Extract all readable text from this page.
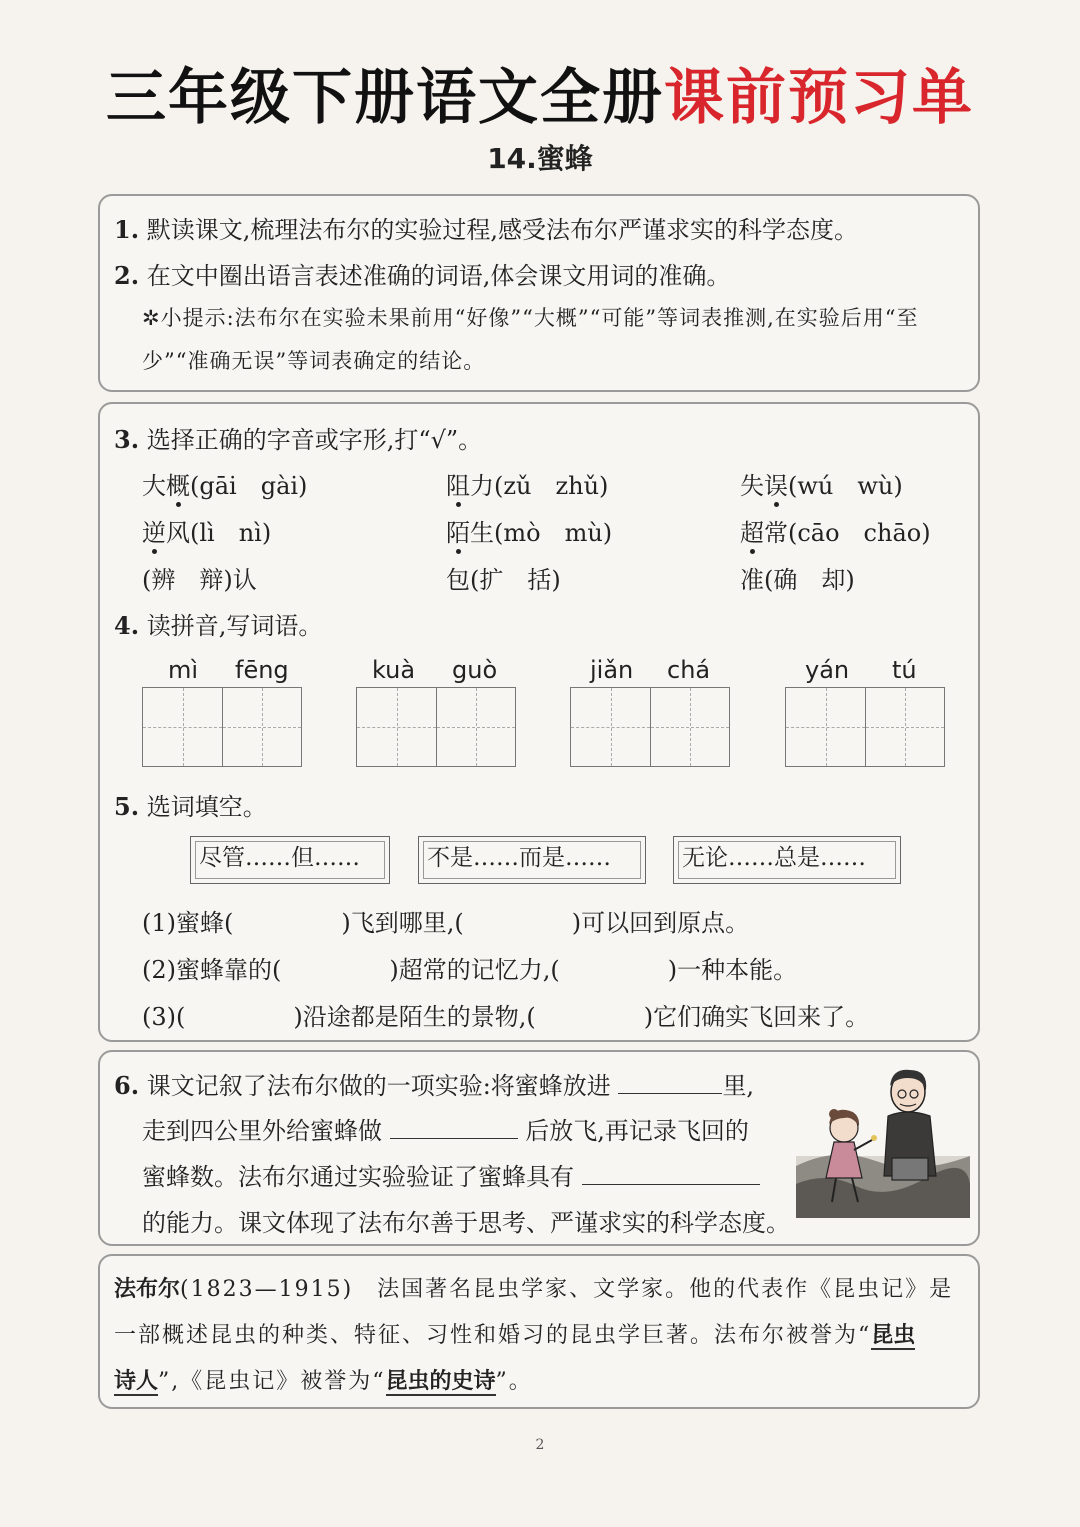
三年级下册语文全册课前预习单
14.蜜蜂
1. 默读课文,梳理法布尔的实验过程,感受法布尔严谨求实的科学态度。
2. 在文中圈出语言表述准确的词语,体会课文用词的准确。
✲小提示:法布尔在实验未果前用“好像”“大概”“可能”等词表推测,在实验后用“至
少”“准确无误”等词表确定的结论。
3. 选择正确的字音或字形,打“√”。
大概(gāi　gài)	阻力(zǔ　zhǔ)	失误(wú　wù)
逆风(lì　nì)	陌生(mò　mù)	超常(cāo　chāo)
(辨　辩)认	包(扩　括)	准(确　却)
4. 读拼音,写词语。
mì fēng	kuà guò	jiǎn chá	yán tú
5. 选词填空。
尽管……但……	不是……而是……	无论……总是……
(1)蜜蜂(	)飞到哪里,(	)可以回到原点。
(2)蜜蜂靠的(	)超常的记忆力,(	)一种本能。
(3)(	)沿途都是陌生的景物,(	)它们确实飞回来了。
6. 课文记叙了法布尔做的一项实验:将蜜蜂放进	里,
走到四公里外给蜜蜂做	后放飞,再记录飞回的
蜜蜂数。法布尔通过实验验证了蜜蜂具有
的能力。课文体现了法布尔善于思考、严谨求实的科学态度。
法布尔(1823—1915)　法国著名昆虫学家、文学家。他的代表作《昆虫记》是
一部概述昆虫的种类、特征、习性和婚习的昆虫学巨著。法布尔被誉为“昆虫
诗人”,《昆虫记》被誉为“昆虫的史诗”。
2
